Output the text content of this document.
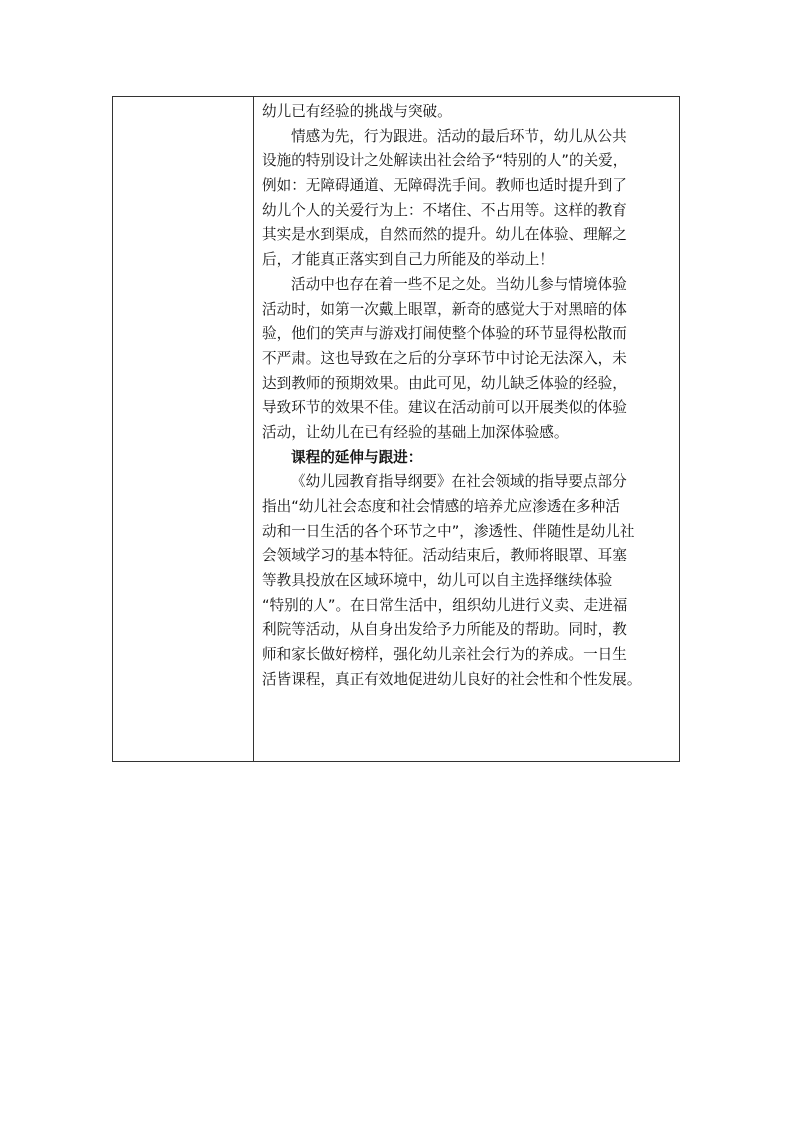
幼儿已有经验的挑战与突破。
情感为先，行为跟进。活动的最后环节，幼儿从公共
设施的特别设计之处解读出社会给予“特别的人”的关爱，
例如：无障碍通道、无障碍洗手间。教师也适时提升到了
幼儿个人的关爱行为上：不堵住、不占用等。这样的教育
其实是水到渠成，自然而然的提升。幼儿在体验、理解之
后，才能真正落实到自己力所能及的举动上！
活动中也存在着一些不足之处。当幼儿参与情境体验
活动时，如第一次戴上眼罩，新奇的感觉大于对黑暗的体
验，他们的笑声与游戏打闹使整个体验的环节显得松散而
不严肃。这也导致在之后的分享环节中讨论无法深入，未
达到教师的预期效果。由此可见，幼儿缺乏体验的经验，
导致环节的效果不佳。建议在活动前可以开展类似的体验
活动，让幼儿在已有经验的基础上加深体验感。
课程的延伸与跟进：
《幼儿园教育指导纲要》在社会领域的指导要点部分
指出“幼儿社会态度和社会情感的培养尤应渗透在多种活
动和一日生活的各个环节之中”，渗透性、伴随性是幼儿社
会领域学习的基本特征。活动结束后，教师将眼罩、耳塞
等教具投放在区域环境中，幼儿可以自主选择继续体验
“特别的人”。在日常生活中，组织幼儿进行义卖、走进福
利院等活动，从自身出发给予力所能及的帮助。同时，教
师和家长做好榜样，强化幼儿亲社会行为的养成。一日生
活皆课程，真正有效地促进幼儿良好的社会性和个性发展。
